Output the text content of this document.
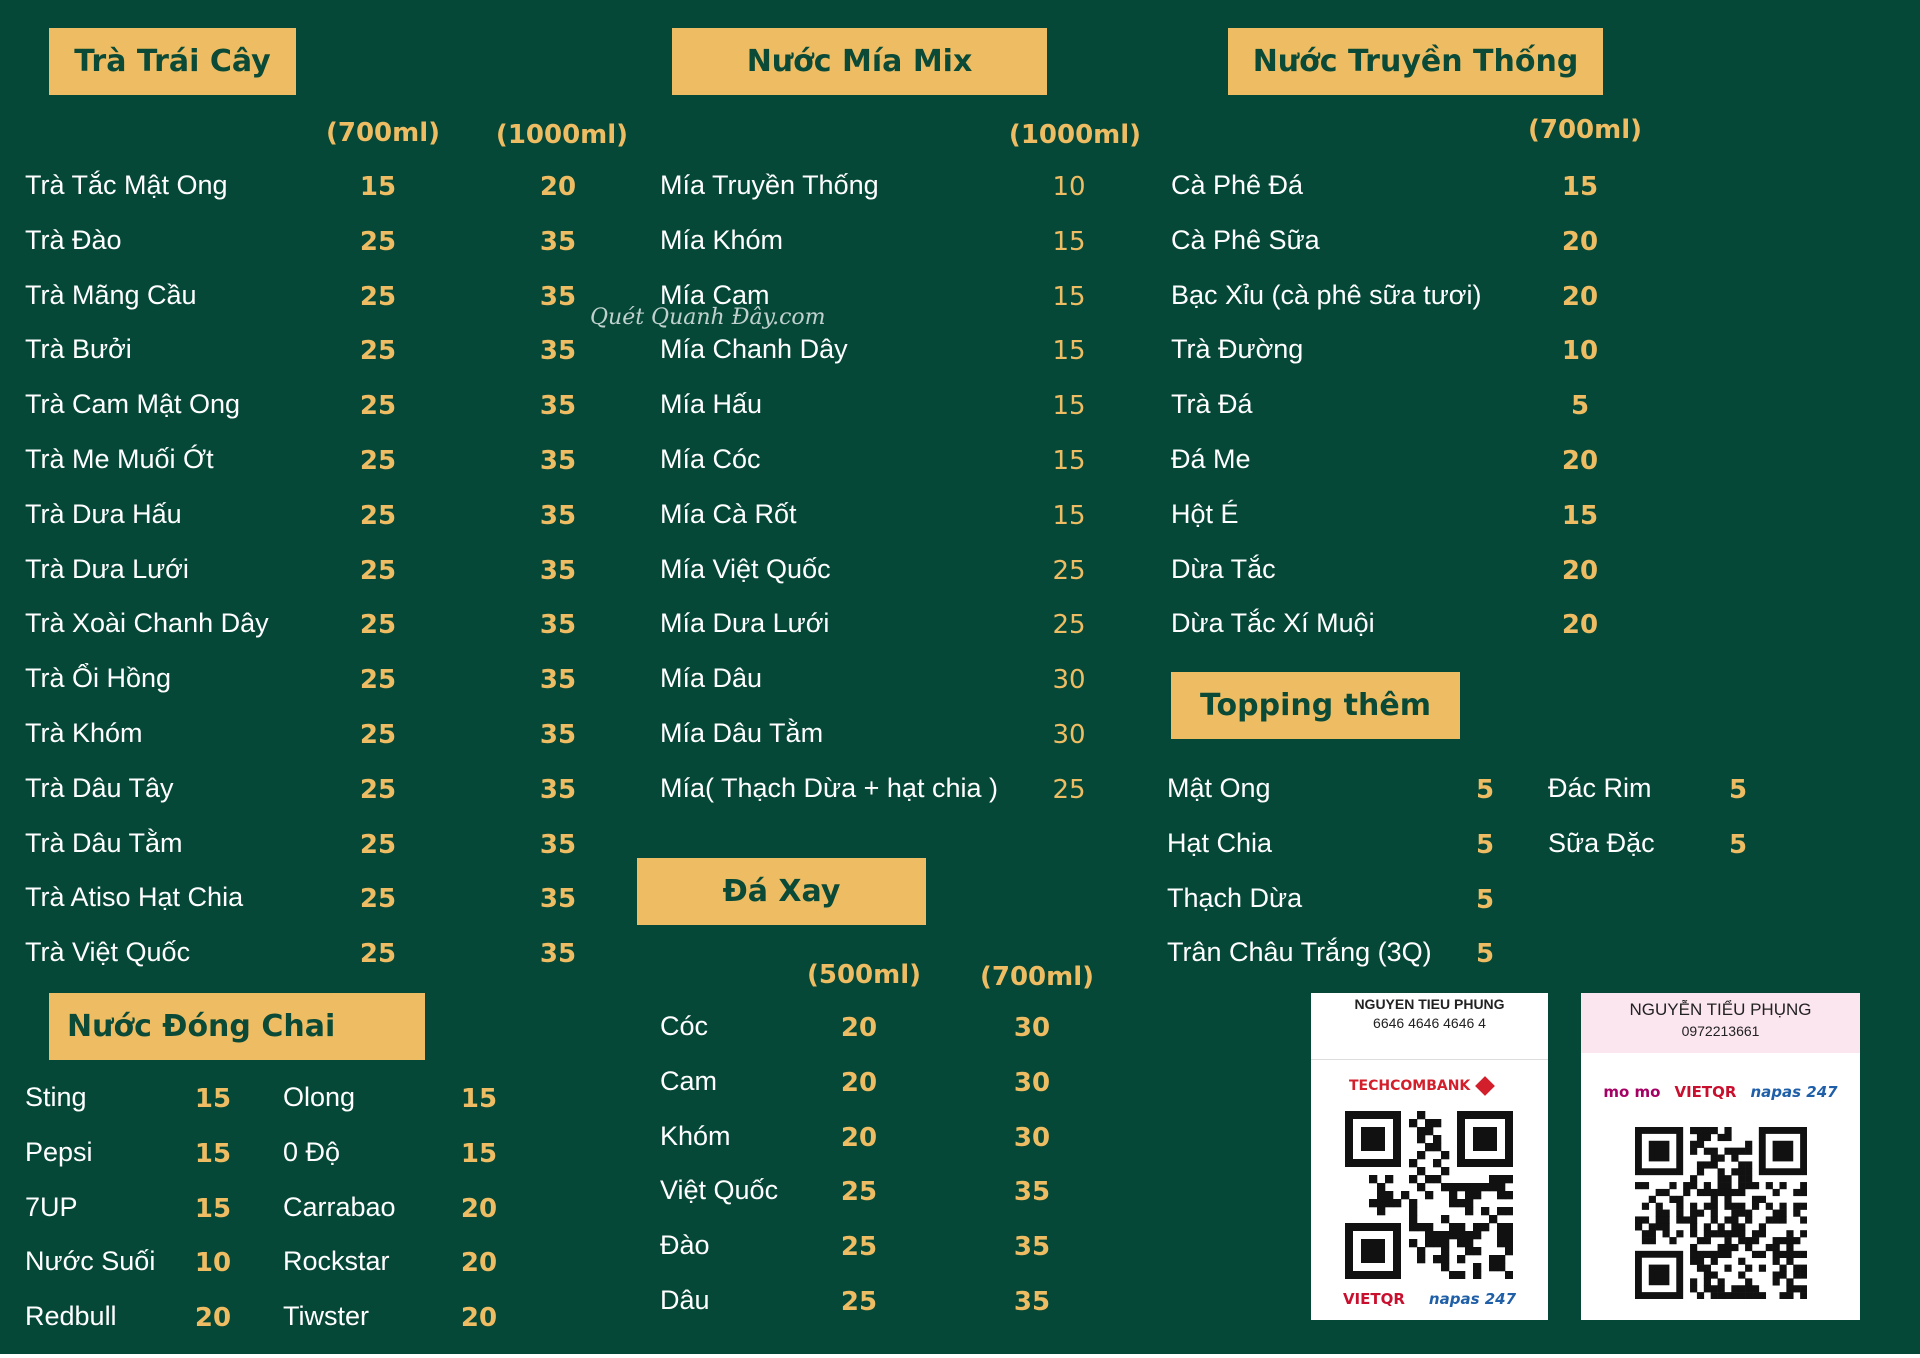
Trà Trái Cây
(700ml) (1000ml)
Trà Tắc Mật Ong	15	20
Trà Đào	25	35
Trà Mãng Cầu	25	35
Trà Bưởi	25	35
Trà Cam Mật Ong	25	35
Trà Me Muối Ớt	25	35
Trà Dưa Hấu	25	35
Trà Dưa Lưới	25	35
Trà Xoài Chanh Dây	25	35
Trà Ổi Hồng	25	35
Trà Khóm	25	35
Trà Dâu Tây	25	35
Trà Dâu Tằm	25	35
Trà Atiso Hạt Chia	25	35
Trà Việt Quốc	25	35
Nước Mía Mix
(1000ml)
Mía Truyền Thống	10
Mía Khóm	15
Mía Cam	15
Mía Chanh Dây	15
Mía Hấu	15
Mía Cóc	15
Mía Cà Rốt	15
Mía Việt Quốc	25
Mía Dưa Lưới	25
Mía Dâu	30
Mía Dâu Tằm	30
Mía( Thạch Dừa + hạt chia ) 25
Nước Truyền Thống
(700ml)
Cà Phê Đá	15
Cà Phê Sữa	20
Bạc Xỉu (cà phê sữa tươi)	20
Trà Đường	10
Trà Đá	5
Đá Me	20
Hột É	15
Dừa Tắc	20
Dừa Tắc Xí Muội	20
Topping thêm
Mật Ong	5
Hạt Chia	5
Thạch Dừa	5
Trân Châu Trắng (3Q) 5
Đác Rim	5
Sữa Đặc	5
Nước Đóng Chai
Sting	15
Pepsi	15
7UP	15
Nước Suối 10
Redbull	20
Olong	15
0 Độ	15
Carrabao	20
Rockstar	20
Tiwster	20
Đá Xay
(500ml) (700ml)
Cóc	20	30
Cam	20	30
Khóm	20	30
Việt Quốc 25	35
Đào	25	35
Dâu	25	35
Quét Quanh Đây.com
NGUYEN TIEU PHUNG
6646 4646 4646 4
TECHCOMBANK
VIETQR napas 247
NGUYỄN TIỂU PHỤNG
0972213661
mo mo VIETQR napas 247
